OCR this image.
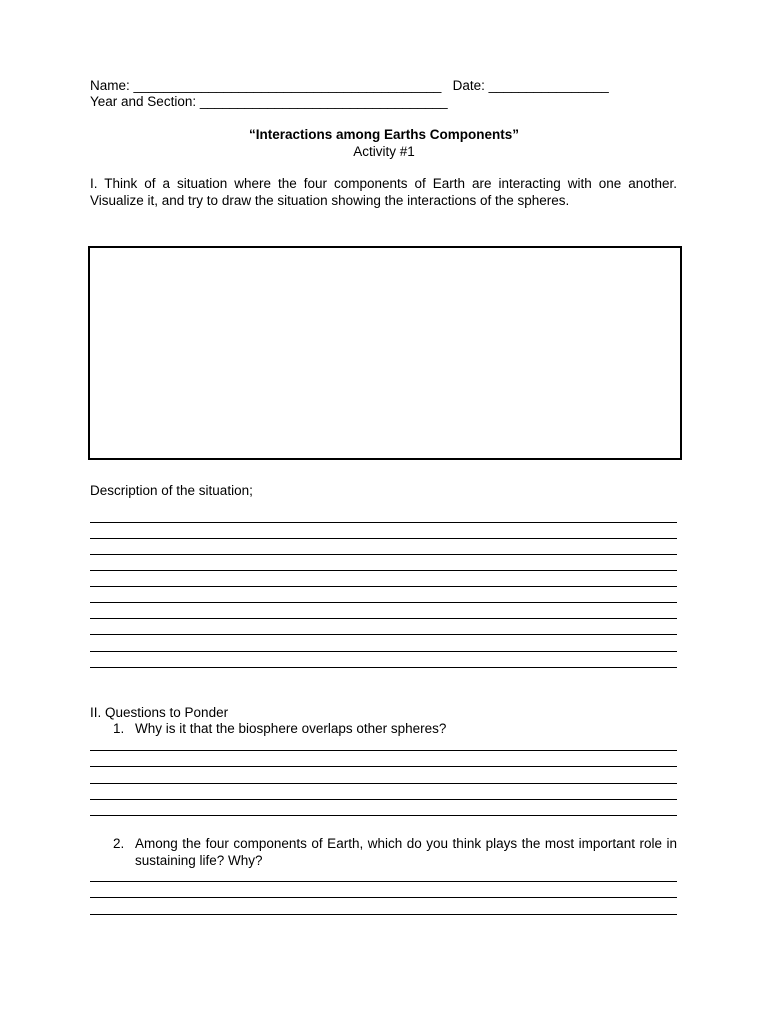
Name: _________________________________________   Date: ________________
Year and Section: _________________________________
“Interactions among Earths Components”
Activity #1
I. Think of a situation where the four components of Earth are interacting with one another. Visualize it, and try to draw the situation showing the interactions of the spheres.
Description of the situation;
II. Questions to Ponder
1. Why is it that the biosphere overlaps other spheres?
2. Among the four components of Earth, which do you think plays the most important role in sustaining life? Why?
